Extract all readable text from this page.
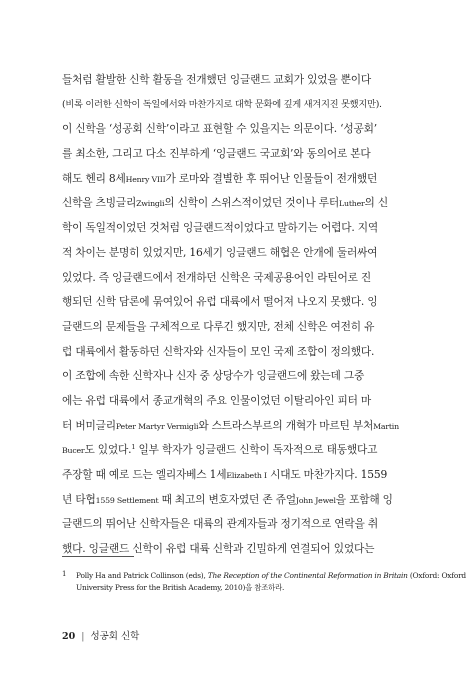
들처럼 활발한 신학 활동을 전개했던 잉글랜드 교회가 있었을 뿐이다
(비록 이러한 신학이 독일에서와 마찬가지로 대학 문화에 깊게 새겨지진 못했지만).
이 신학을 ‘성공회 신학’이라고 표현할 수 있을지는 의문이다. ‘성공회’
를 최소한, 그리고 다소 진부하게 ‘잉글랜드 국교회’와 동의어로 본다
해도 헨리 8세Henry VIII가 로마와 결별한 후 뛰어난 인물들이 전개했던
신학을 츠빙글리Zwingli의 신학이 스위스적이었던 것이나 루터Luther의 신
학이 독일적이었던 것처럼 잉글랜드적이었다고 말하기는 어렵다. 지역
적 차이는 분명히 있었지만, 16세기 잉글랜드 해협은 안개에 둘러싸여
있었다. 즉 잉글랜드에서 전개하던 신학은 국제공용어인 라틴어로 진
행되던 신학 담론에 묶여있어 유럽 대륙에서 떨어져 나오지 못했다. 잉
글랜드의 문제들을 구체적으로 다루긴 했지만, 전체 신학은 여전히 유
럽 대륙에서 활동하던 신학자와 신자들이 모인 국제 조합이 정의했다.
이 조합에 속한 신학자나 신자 중 상당수가 잉글랜드에 왔는데 그중
에는 유럽 대륙에서 종교개혁의 주요 인물이었던 이탈리아인 피터 마
터 버미글리Peter Martyr Vermigli와 스트라스부르의 개혁가 마르틴 부처Martin
Bucer도 있었다.$^1$ 일부 학자가 잉글랜드 신학이 독자적으로 태동했다고
주장할 때 예로 드는 엘리자베스 1세Elizabeth I 시대도 마찬가지다. 1559
년 타협1559 Settlement 때 최고의 변호자였던 존 쥬얼John Jewel을 포함해 잉
글랜드의 뛰어난 신학자들은 대륙의 관계자들과 정기적으로 연락을 취
했다. 잉글랜드 신학이 유럽 대륙 신학과 긴밀하게 연결되어 있었다는
1 Polly Ha and Patrick Collinson (eds), The Reception of the Continental Reformation in Britain (Oxford: Oxford
University Press for the British Academy, 2010)을 참조하라.
20 | 성공회 신학
